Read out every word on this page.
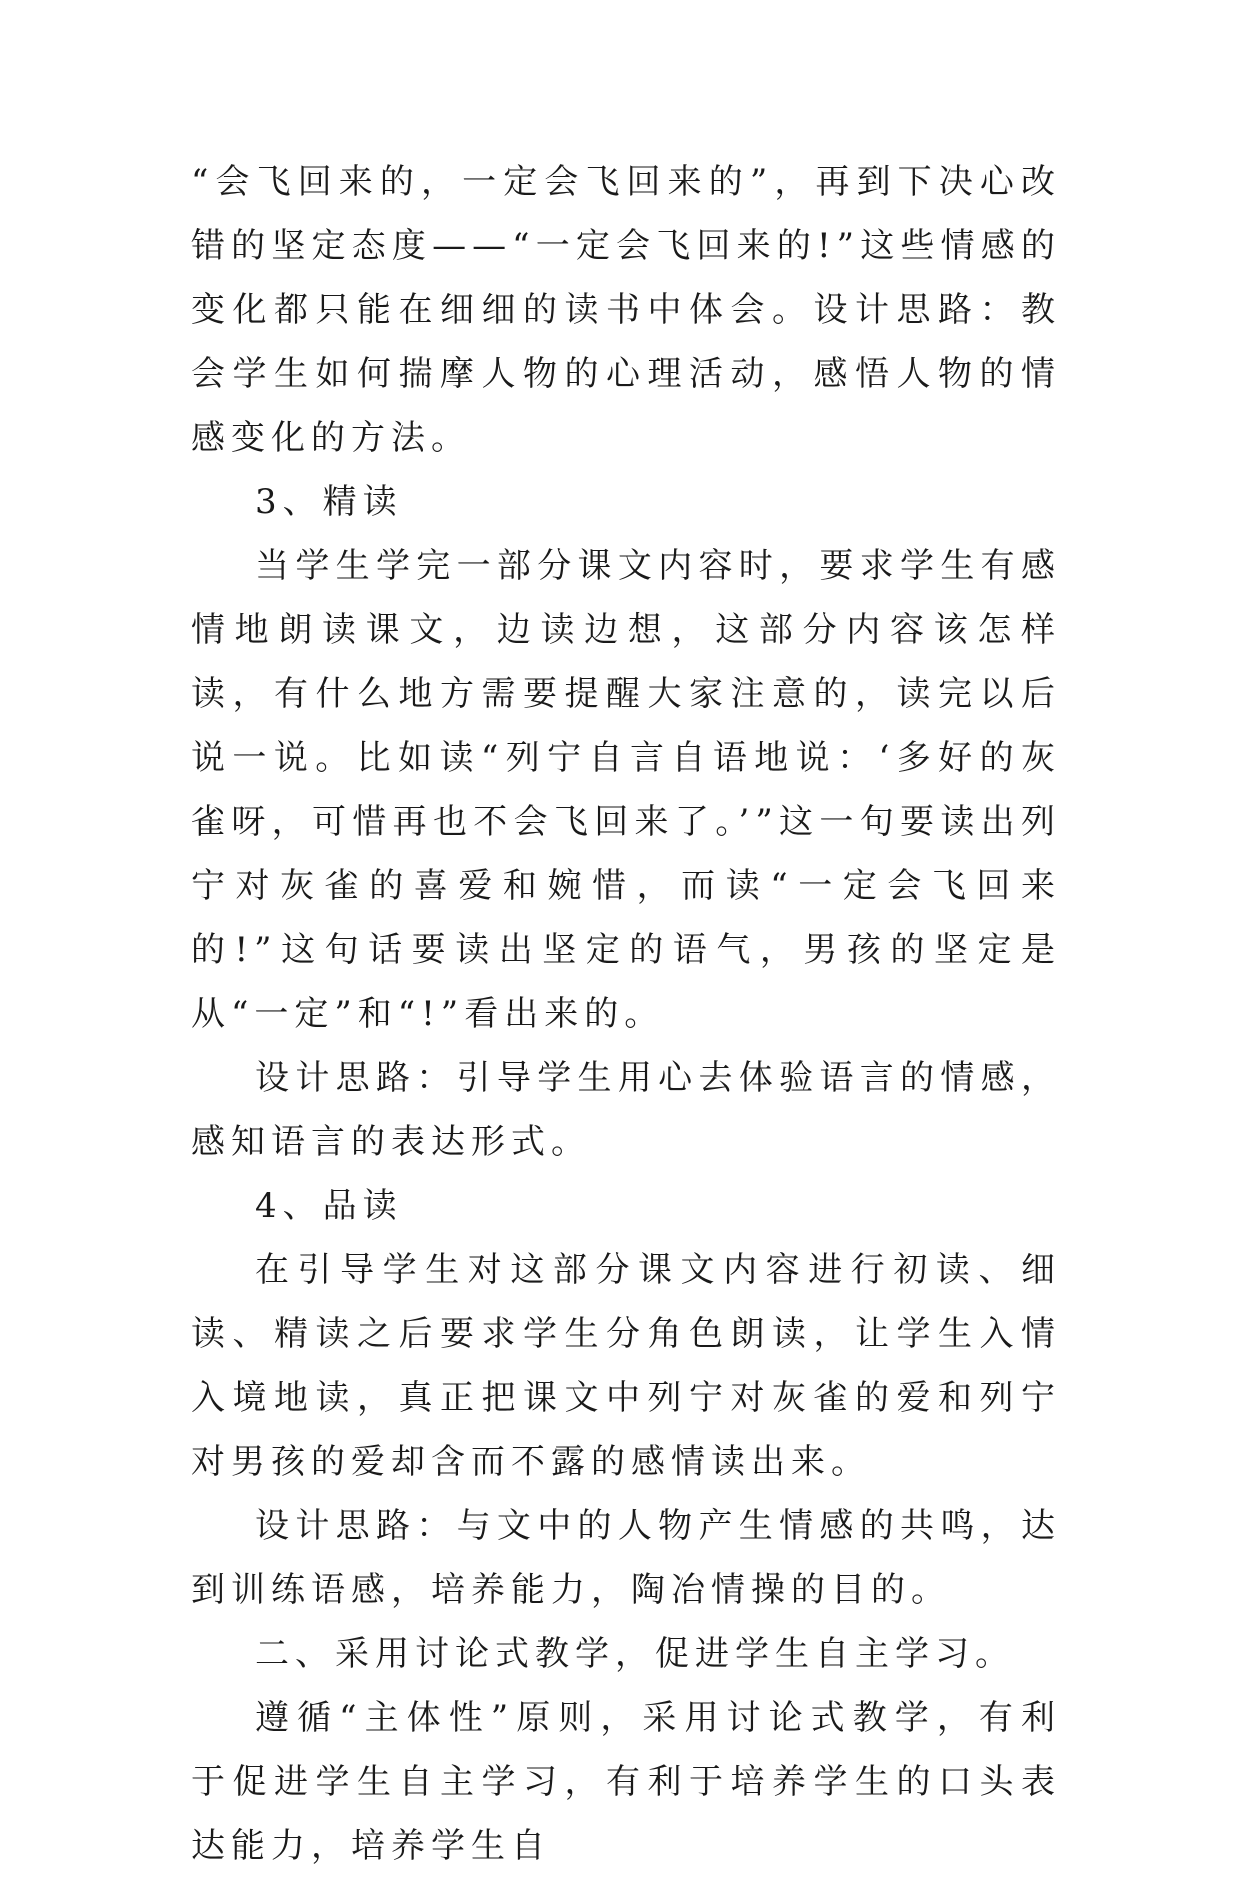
“会飞回来的，一定会飞回来的”，再到下决心改错的坚定态度——“一定会飞回来的!”这些情感的变化都只能在细细的读书中体会。设计思路：教会学生如何揣摩人物的心理活动，感悟人物的情感变化的方法。

3、精读

当学生学完一部分课文内容时，要求学生有感情地朗读课文，边读边想，这部分内容该怎样读，有什么地方需要提醒大家注意的，读完以后说一说。比如读“列宁自言自语地说：‘多好的灰雀呀，可惜再也不会飞回来了。’”这一句要读出列宁对灰雀的喜爱和婉惜，而读“一定会飞回来的!”这句话要读出坚定的语气，男孩的坚定是从“一定”和“!”看出来的。

设计思路：引导学生用心去体验语言的情感，感知语言的表达形式。

4、品读

在引导学生对这部分课文内容进行初读、细读、精读之后要求学生分角色朗读，让学生入情入境地读，真正把课文中列宁对灰雀的爱和列宁对男孩的爱却含而不露的感情读出来。

设计思路：与文中的人物产生情感的共鸣，达到训练语感，培养能力，陶冶情操的目的。

二、采用讨论式教学，促进学生自主学习。

遵循“主体性”原则，采用讨论式教学，有利于促进学生自主学习，有利于培养学生的口头表达能力，培养学生自
